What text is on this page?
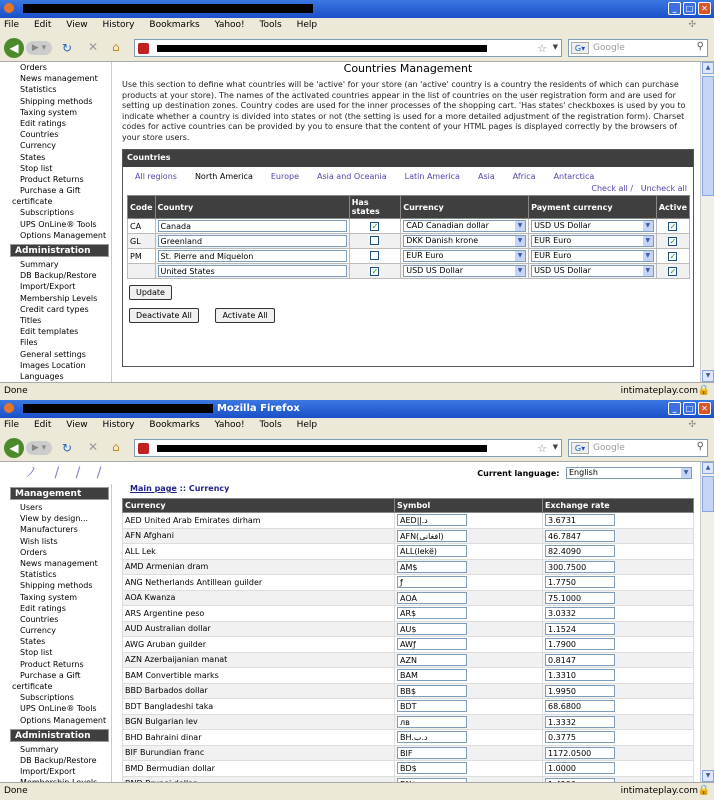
_ □ ✕
File Edit View History Bookmarks Yahoo! Tools Help	✣
◀	▶ ▾	↻ ✕ ⌂	☆ ▼	G▾ Google	⚲
Orders
News management
Statistics
Shipping methods
Taxing system
Edit ratings
Countries
Currency
States
Stop list
Product Returns
Purchase a Gift
certificate
Subscriptions
UPS OnLine® Tools
Options Management
Administration
Summary
DB Backup/Restore
Import/Export
Membership Levels
Credit card types
Titles
Edit templates
Files
General settings
Images Location
Languages
Countries Management
Use this section to define what countries will be 'active' for your store (an 'active' country is a country the residents of which can purchase products at your store). The names of the activated countries appear in the list of countries on the user registration form and are used for setting up destination zones. Country codes are used for the inner processes of the shopping cart. 'Has states' checkboxes is used by you to indicate whether a country is divided into states or not (the setting is used for a more detailed adjustment of the registration form). Charset codes for active countries can be provided by you to ensure that the content of your HTML pages is displayed correctly by the browsers of your store users.
Countries
All regions North America Europe Asia and Oceania Latin America Asia Africa Antarctica
Check all / Uncheck all
Code	Country	Has states	Currency	Payment currency	Active
CA	Canada	✓	CAD Canadian dollar ▼	USD US Dollar ▼	✓
GL	Greenland		DKK Danish krone ▼	EUR Euro ▼	✓
PM	St. Pierre and Miquelon		EUR Euro ▼	EUR Euro ▼	✓

	United States	✓	USD US Dollar ▼	USD US Dollar ▼	✓
Update
Deactivate All	Activate All
▲
▼
Done	intimateplay.com 🔒
Mozilla Firefox	_ □ ✕
File Edit View History Bookmarks Yahoo! Tools Help	✣
◀	▶ ▾	↻ ✕ ⌂	☆ ▼	G▾ Google	⚲
ノ / / /	Current language: English ▼
Management
Users
View by design...
Manufacturers
Wish lists
Orders
News management
Statistics
Shipping methods
Taxing system
Edit ratings
Countries
Currency
States
Stop list
Product Returns
Purchase a Gift
certificate
Subscriptions
UPS OnLine® Tools
Options Management
Administration
Summary
DB Backup/Restore
Import/Export
Main page :: Currency
Currency	Symbol	Exchange rate
AED United Arab Emirates dirham	AED|د.إ	3.6731

AFN Afghani	AFN(افغانی)	46.7847

ALL Lek	ALL(lekë)	82.4090

AMD Armenian dram	AM$	300.7500

ANG Netherlands Antillean guilder	ƒ	1.7750

AOA Kwanza	AOA	75.1000

ARS Argentine peso	AR$	3.0332

AUD Australian dollar	AU$	1.1524

AWG Aruban guilder	AWƒ	1.7900

AZN Azerbaijanian manat	AZN	0.8147

BAM Convertible marks	BAM	1.3310

BBD Barbados dollar	BB$	1.9950

BDT Bangladeshi taka	BDT	68.6800

BGN Bulgarian lev	лв	1.3332

BHD Bahraini dinar	BH.د.ب	0.3775

BIF Burundian franc	BIF	1172.0500

BMD Bermudian dollar	BD$	1.0000

▲
▼
Done	intimateplay.com 🔒
